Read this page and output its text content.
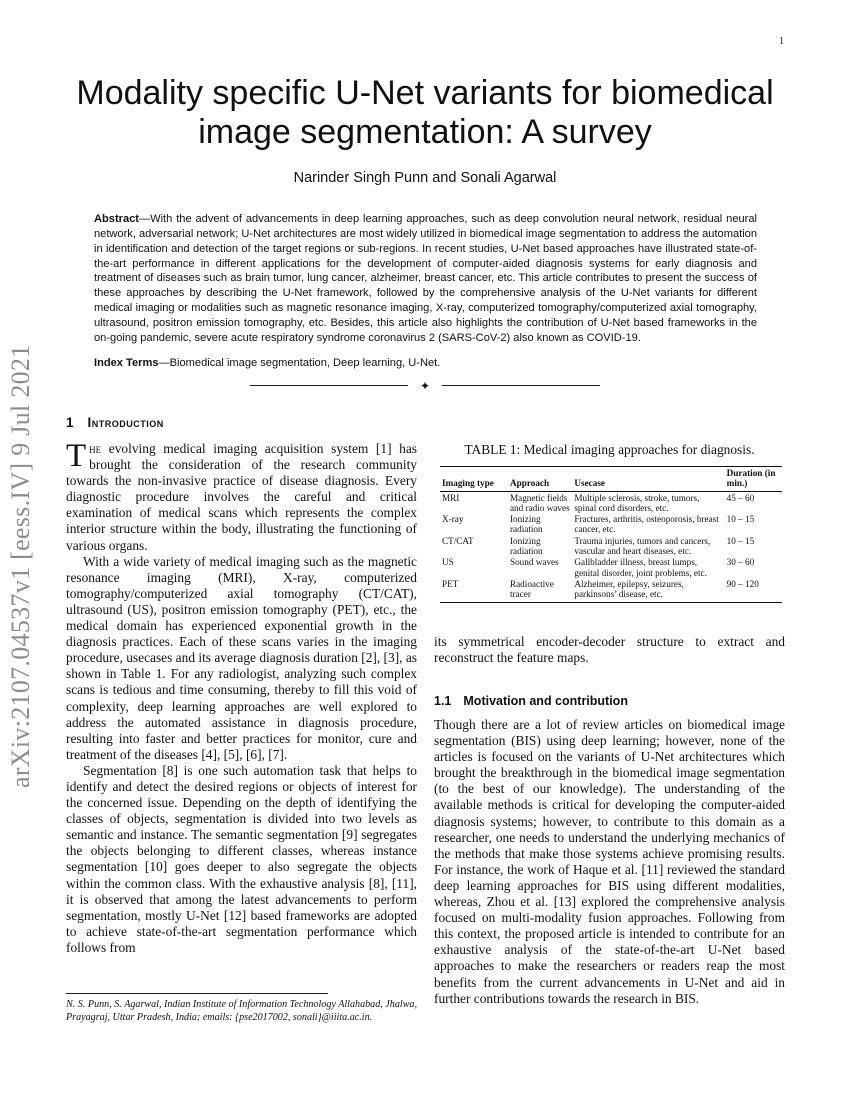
1
arXiv:2107.04537v1 [eess.IV] 9 Jul 2021
Modality specific U-Net variants for biomedical image segmentation: A survey
Narinder Singh Punn and Sonali Agarwal
Abstract—With the advent of advancements in deep learning approaches, such as deep convolution neural network, residual neural network, adversarial network; U-Net architectures are most widely utilized in biomedical image segmentation to address the automation in identification and detection of the target regions or sub-regions. In recent studies, U-Net based approaches have illustrated state-of-the-art performance in different applications for the development of computer-aided diagnosis systems for early diagnosis and treatment of diseases such as brain tumor, lung cancer, alzheimer, breast cancer, etc. This article contributes to present the success of these approaches by describing the U-Net framework, followed by the comprehensive analysis of the U-Net variants for different medical imaging or modalities such as magnetic resonance imaging, X-ray, computerized tomography/computerized axial tomography, ultrasound, positron emission tomography, etc. Besides, this article also highlights the contribution of U-Net based frameworks in the on-going pandemic, severe acute respiratory syndrome coronavirus 2 (SARS-CoV-2) also known as COVID-19.
Index Terms—Biomedical image segmentation, Deep learning, U-Net.
✦
1 Introduction

The evolving medical imaging acquisition system [1] has brought the consideration of the research community towards the non-invasive practice of disease diagnosis. Every diagnostic procedure involves the careful and critical examination of medical scans which represents the complex interior structure within the body, illustrating the functioning of various organs.

With a wide variety of medical imaging such as the magnetic resonance imaging (MRI), X-ray, computerized tomography/computerized axial tomography (CT/CAT), ultrasound (US), positron emission tomography (PET), etc., the medical domain has experienced exponential growth in the diagnosis practices. Each of these scans varies in the imaging procedure, usecases and its average diagnosis duration [2], [3], as shown in Table 1. For any radiologist, analyzing such complex scans is tedious and time consuming, thereby to fill this void of complexity, deep learning approaches are well explored to address the automated assistance in diagnosis procedure, resulting into faster and better practices for monitor, cure and treatment of the diseases [4], [5], [6], [7].

Segmentation [8] is one such automation task that helps to identify and detect the desired regions or objects of interest for the concerned issue. Depending on the depth of identifying the classes of objects, segmentation is divided into two levels as semantic and instance. The semantic segmentation [9] segregates the objects belonging to different classes, whereas instance segmentation [10] goes deeper to also segregate the objects within the common class. With the exhaustive analysis [8], [11], it is observed that among the latest advancements to perform segmentation, mostly U-Net [12] based frameworks are adopted to achieve state-of-the-art segmentation performance which follows from

TABLE 1: Medical imaging approaches for diagnosis.
Imaging type	Approach	Usecase	Duration (in min.)
MRI	Magnetic fields and radio waves	Multiple sclerosis, stroke, tumors, spinal cord disorders, etc.	45 – 60
X-ray	Ionizing radiation	Fractures, arthritis, osteoporosis, breast cancer, etc.	10 – 15
CT/CAT	Ionizing radiation	Trauma injuries, tumors and cancers, vascular and heart diseases, etc.	10 – 15
US	Sound waves	Gallbladder illness, breast lumps, genital disorder, joint problems, etc.	30 – 60
PET	Radioactive tracer	Alzheimer, epilepsy, seizures, parkinsons’ disease, etc.	90 – 120

its symmetrical encoder-decoder structure to extract and reconstruct the feature maps.

1.1 Motivation and contribution

Though there are a lot of review articles on biomedical image segmentation (BIS) using deep learning; however, none of the articles is focused on the variants of U-Net architectures which brought the breakthrough in the biomedical image segmentation (to the best of our knowledge). The understanding of the available methods is critical for developing the computer-aided diagnosis systems; however, to contribute to this domain as a researcher, one needs to understand the underlying mechanics of the methods that make those systems achieve promising results. For instance, the work of Haque et al. [11] reviewed the standard deep learning approaches for BIS using different modalities, whereas, Zhou et al. [13] explored the comprehensive analysis focused on multi-modality fusion approaches. Following from this context, the proposed article is intended to contribute for an exhaustive analysis of the state-of-the-art U-Net based approaches to make the researchers or readers reap the most benefits from the current advancements in U-Net and aid in further contributions towards the research in BIS.

N. S. Punn, S. Agarwal, Indian Institute of Information Technology Allahabad, Jhalwa, Prayagraj, Uttar Pradesh, India; emails: {pse2017002, sonali}@iiita.ac.in.
